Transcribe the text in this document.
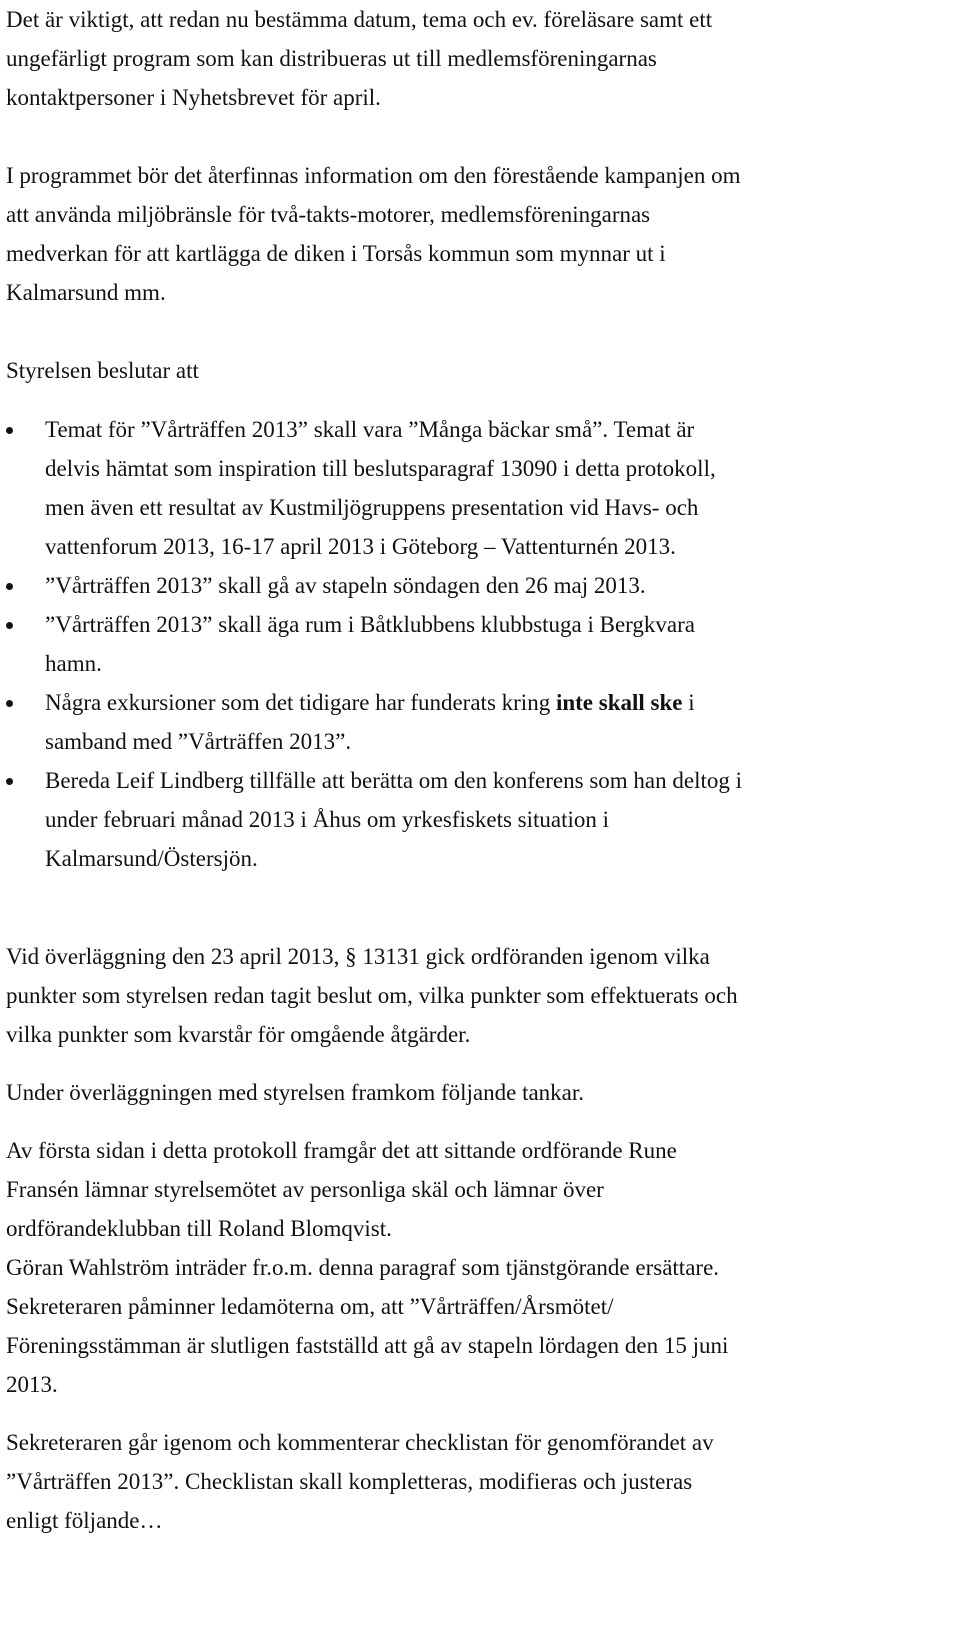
Det är viktigt, att redan nu bestämma datum, tema och ev. föreläsare samt ett
ungefärligt program som kan distribueras ut till medlemsföreningarnas
kontaktpersoner i Nyhetsbrevet för april.

I programmet bör det återfinnas information om den förestående kampanjen om
att använda miljöbränsle för två-takts-motorer, medlemsföreningarnas
medverkan för att kartlägga de diken i Torsås kommun som mynnar ut i
Kalmarsund mm.

Styrelsen beslutar att

Temat för ”Vårträffen 2013” skall vara ”Många bäckar små”. Temat är
delvis hämtat som inspiration till beslutsparagraf 13090 i detta protokoll,
men även ett resultat av Kustmiljögruppens presentation vid Havs- och
vattenforum 2013, 16-17 april 2013 i Göteborg – Vattenturnén 2013.
”Vårträffen 2013” skall gå av stapeln söndagen den 26 maj 2013.
”Vårträffen 2013” skall äga rum i Båtklubbens klubbstuga i Bergkvara
hamn.
Några exkursioner som det tidigare har funderats kring inte skall ske i
samband med ”Vårträffen 2013”.
Bereda Leif Lindberg tillfälle att berätta om den konferens som han deltog i
under februari månad 2013 i Åhus om yrkesfiskets situation i
Kalmarsund/Östersjön.

Vid överläggning den 23 april 2013, § 13131 gick ordföranden igenom vilka
punkter som styrelsen redan tagit beslut om, vilka punkter som effektuerats och
vilka punkter som kvarstår för omgående åtgärder.

Under överläggningen med styrelsen framkom följande tankar.

Av första sidan i detta protokoll framgår det att sittande ordförande Rune
Fransén lämnar styrelsemötet av personliga skäl och lämnar över
ordförandeklubban till Roland Blomqvist.
Göran Wahlström inträder fr.o.m. denna paragraf som tjänstgörande ersättare.
Sekreteraren påminner ledamöterna om, att ”Vårträffen/Årsmötet/
Föreningsstämman är slutligen fastställd att gå av stapeln lördagen den 15 juni
2013.

Sekreteraren går igenom och kommenterar checklistan för genomförandet av
”Vårträffen 2013”. Checklistan skall kompletteras, modifieras och justeras
enligt följande…
